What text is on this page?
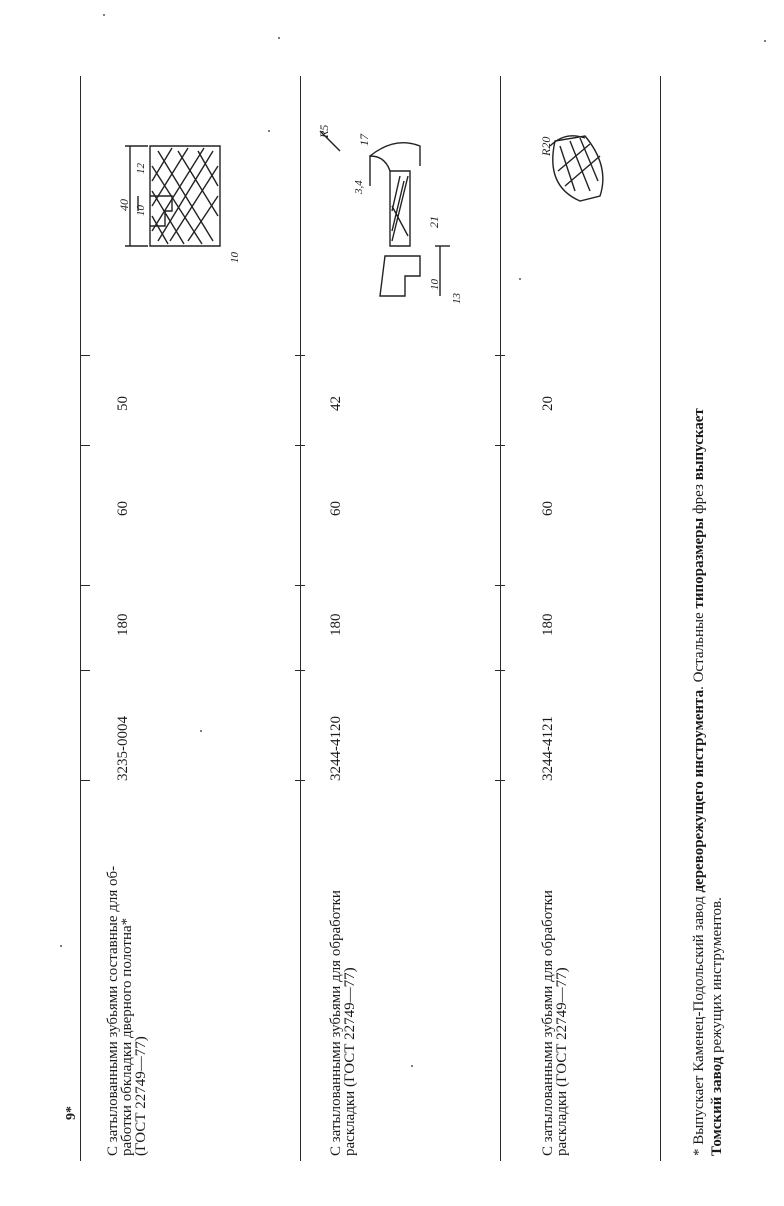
С затылованными зубьями составные для об-
работки обкладки дверного полотна*
(ГОСТ 22749—77)
3235-0004
180
60
50
С затылованными зубьями для обработки
раскладки (ГОСТ 22749—77)
3244-4120
180
60
42
С затылованными зубьями для обработки
раскладки (ГОСТ 22749—77)
3244-4121
180
60
20
* Выпускает Каменец-Подольский завод дереворежущего инструмента. Остальные типоразмеры фрез выпускает
Томский завод режущих инструментов.
40
12
10
10
R5
17
3,4
21
10
13
R20
9*
